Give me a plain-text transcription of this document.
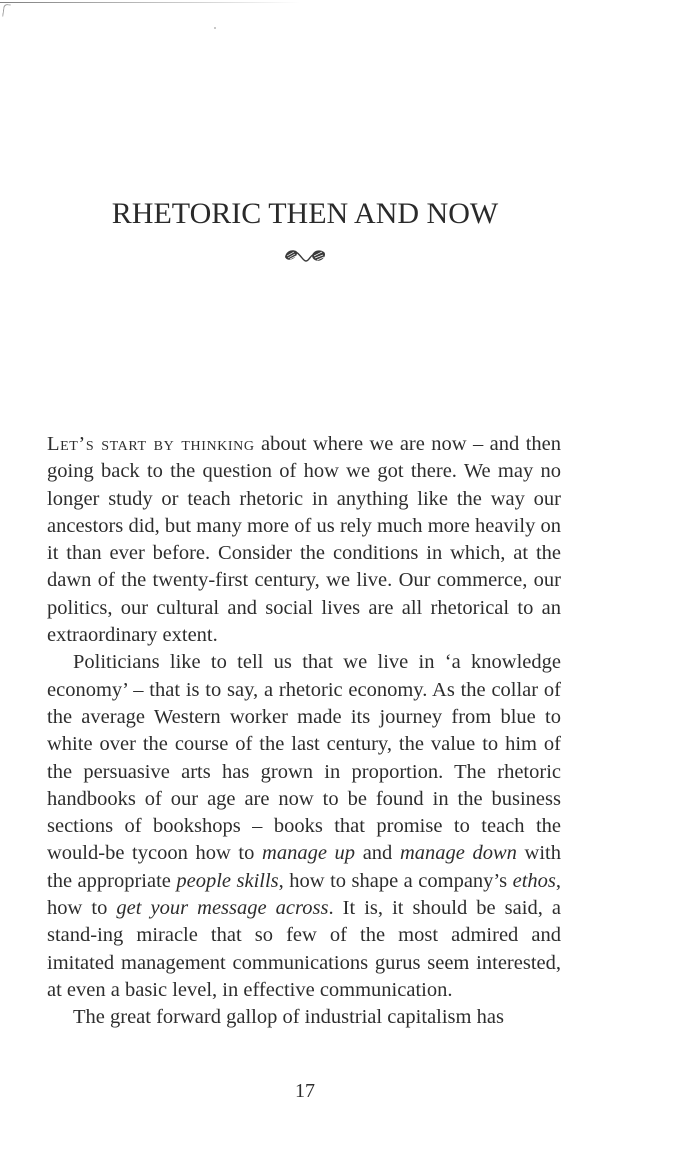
RHETORIC THEN AND NOW

Let’s start by thinking about where we are now – and then going back to the question of how we got there. We may no longer study or teach rhetoric in anything like the way our ancestors did, but many more of us rely much more heavily on it than ever before. Consider the conditions in which, at the dawn of the twenty-first century, we live. Our commerce, our politics, our cultural and social lives are all rhetorical to an extraordinary extent.

Politicians like to tell us that we live in ‘a knowledge economy’ – that is to say, a rhetoric economy. As the collar of the average Western worker made its journey from blue to white over the course of the last century, the value to him of the persuasive arts has grown in proportion. The rhetoric handbooks of our age are now to be found in the business sections of bookshops – books that promise to teach the would-be tycoon how to manage up and manage down with the appropriate people skills, how to shape a company’s ethos, how to get your message across. It is, it should be said, a stand-ing miracle that so few of the most admired and imitated management communications gurus seem interested, at even a basic level, in effective communication.

The great forward gallop of industrial capitalism has

17
